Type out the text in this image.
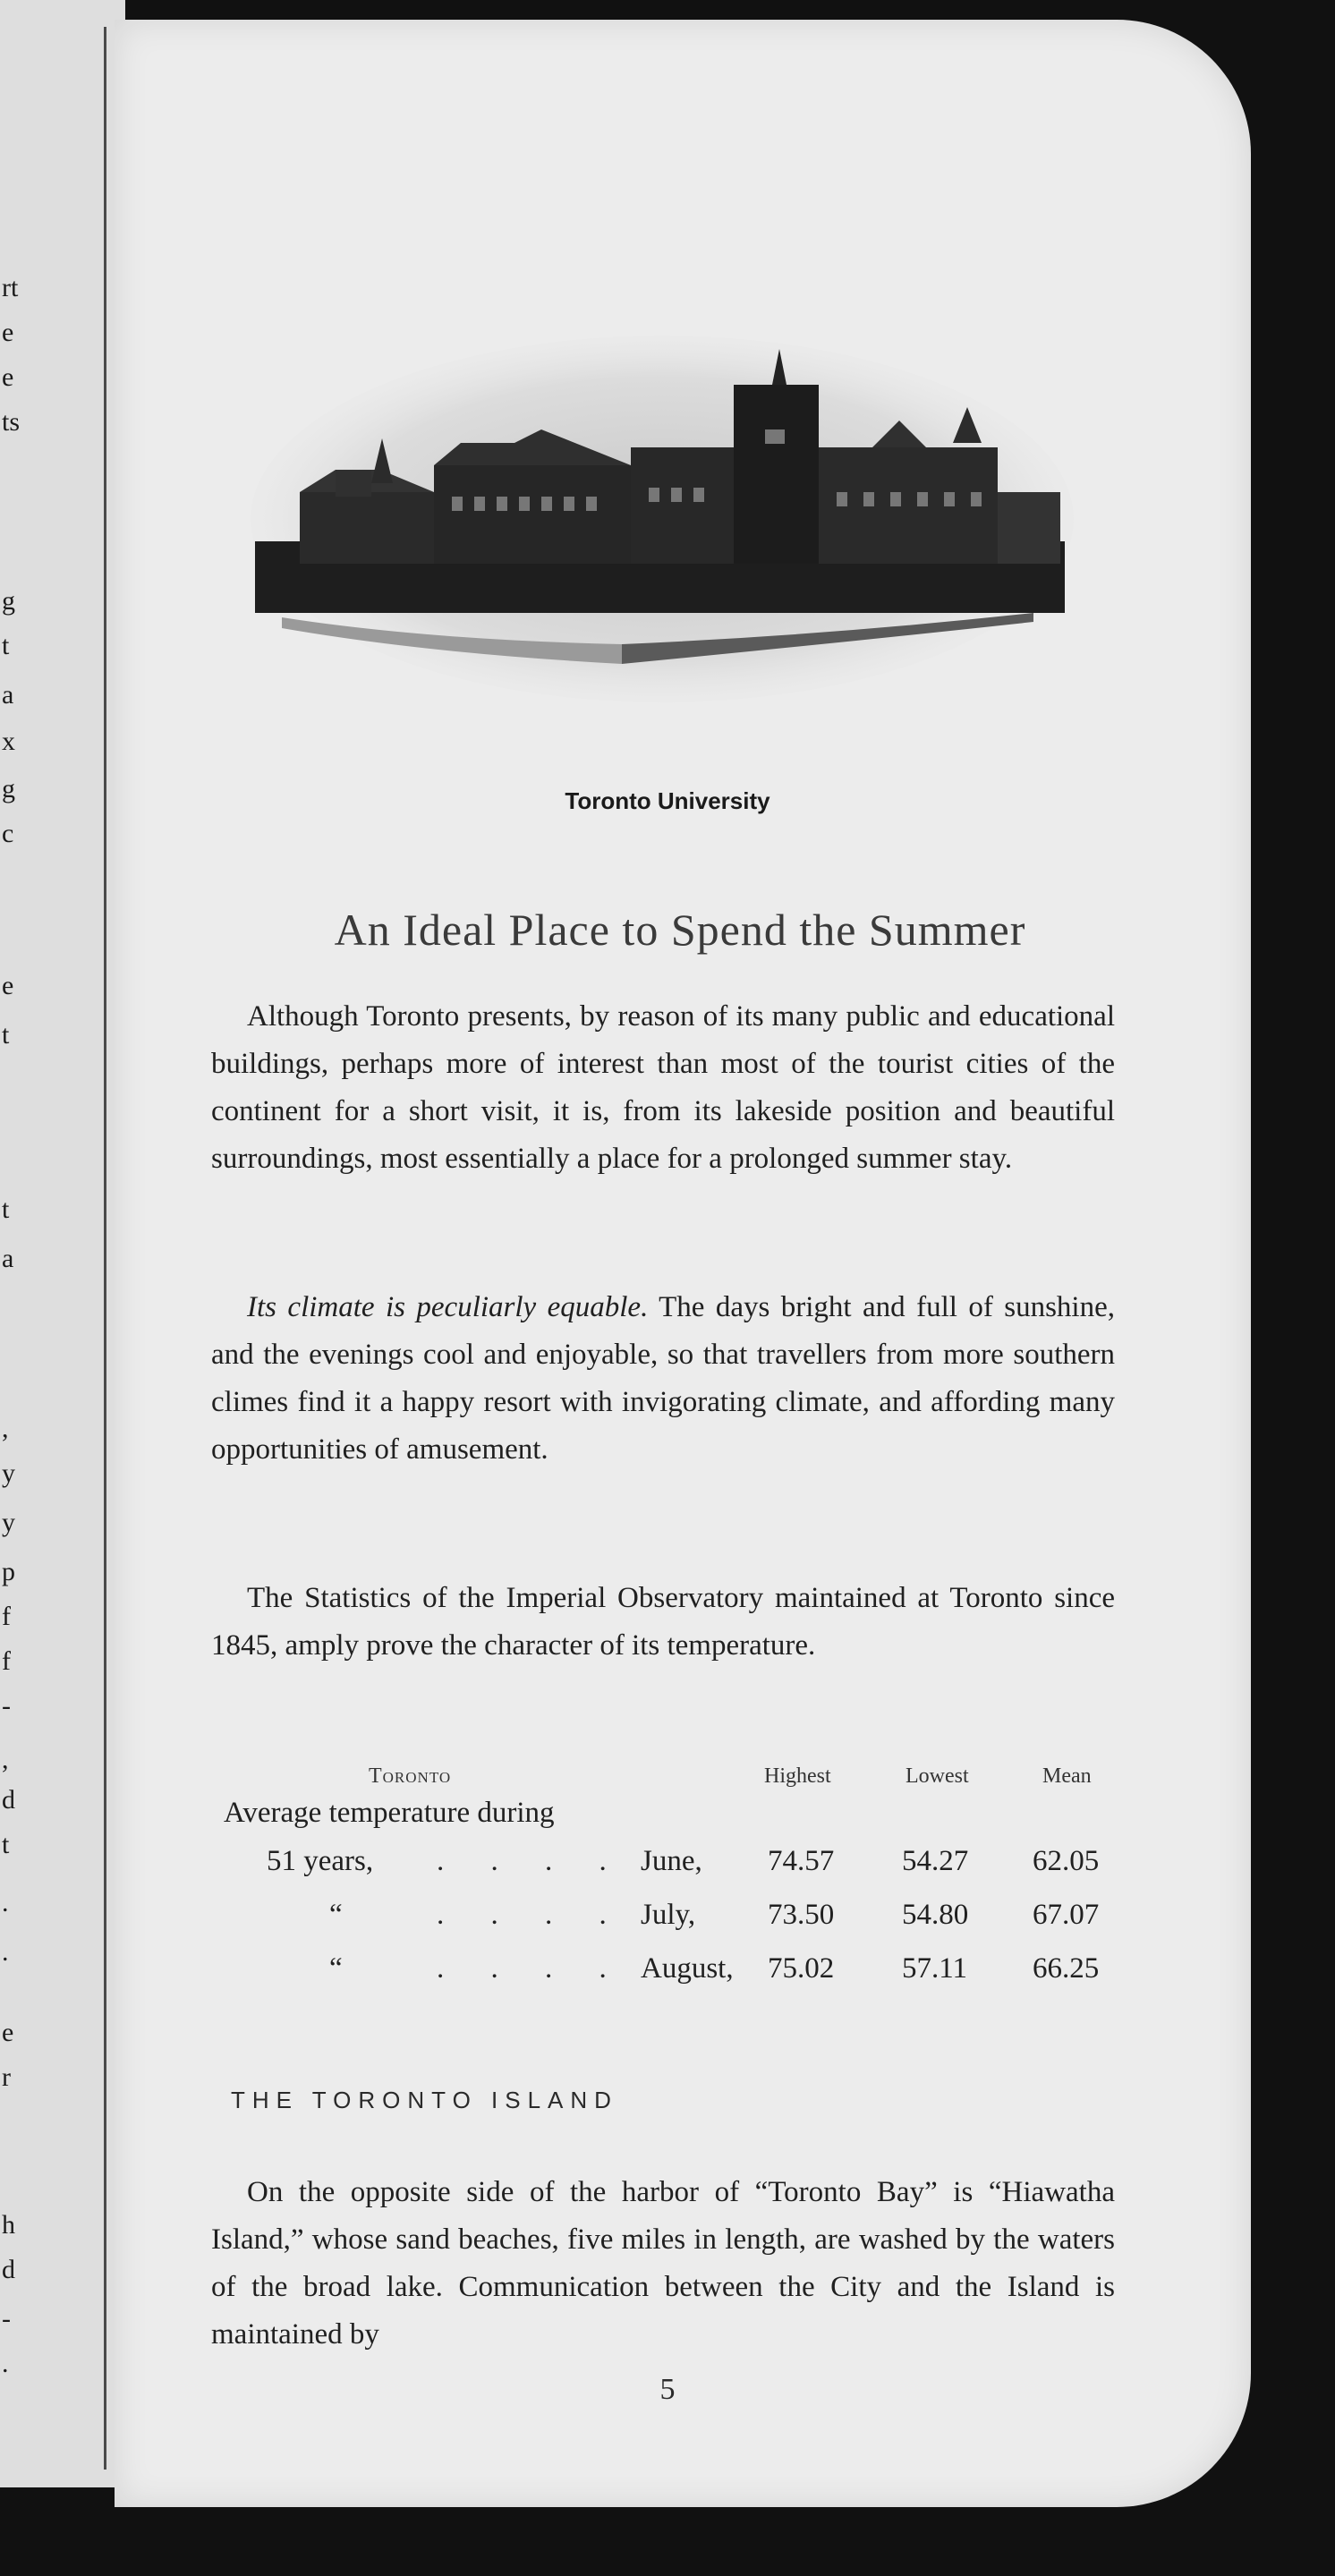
rt
e
e
ts
g
t
a
x
g
c
e
t
t
a
,
y
y
p
f
f
-
,
d
t
.
.
e
r
h
d
-
.
Toronto University
An Ideal Place to Spend the Summer

Although Toronto presents, by reason of its many public and educational buildings, perhaps more of interest than most of the tourist cities of the continent for a short visit, it is, from its lakeside position and beautiful surroundings, most essentially a place for a prolonged summer stay.

Its climate is peculiarly equable. The days bright and full of sunshine, and the evenings cool and enjoyable, so that travellers from more southern climes find it a happy resort with invigorating climate, and affording many opportunities of amusement.

The Statistics of the Imperial Observatory maintained at Toronto since 1845, amply prove the character of its temperature.

Toronto	Highest	Lowest	Mean
Average temperature during
51 years, . . . . June, 74.57 54.27 62.05
“	. . . . July, 73.50 54.80 67.07
“	. . . . August, 75.02 57.11 66.25
THE TORONTO ISLAND

On the opposite side of the harbor of “Toronto Bay” is “Hiawatha Island,” whose sand beaches, five miles in length, are washed by the waters of the broad lake. Communication between the City and the Island is maintained by

5
